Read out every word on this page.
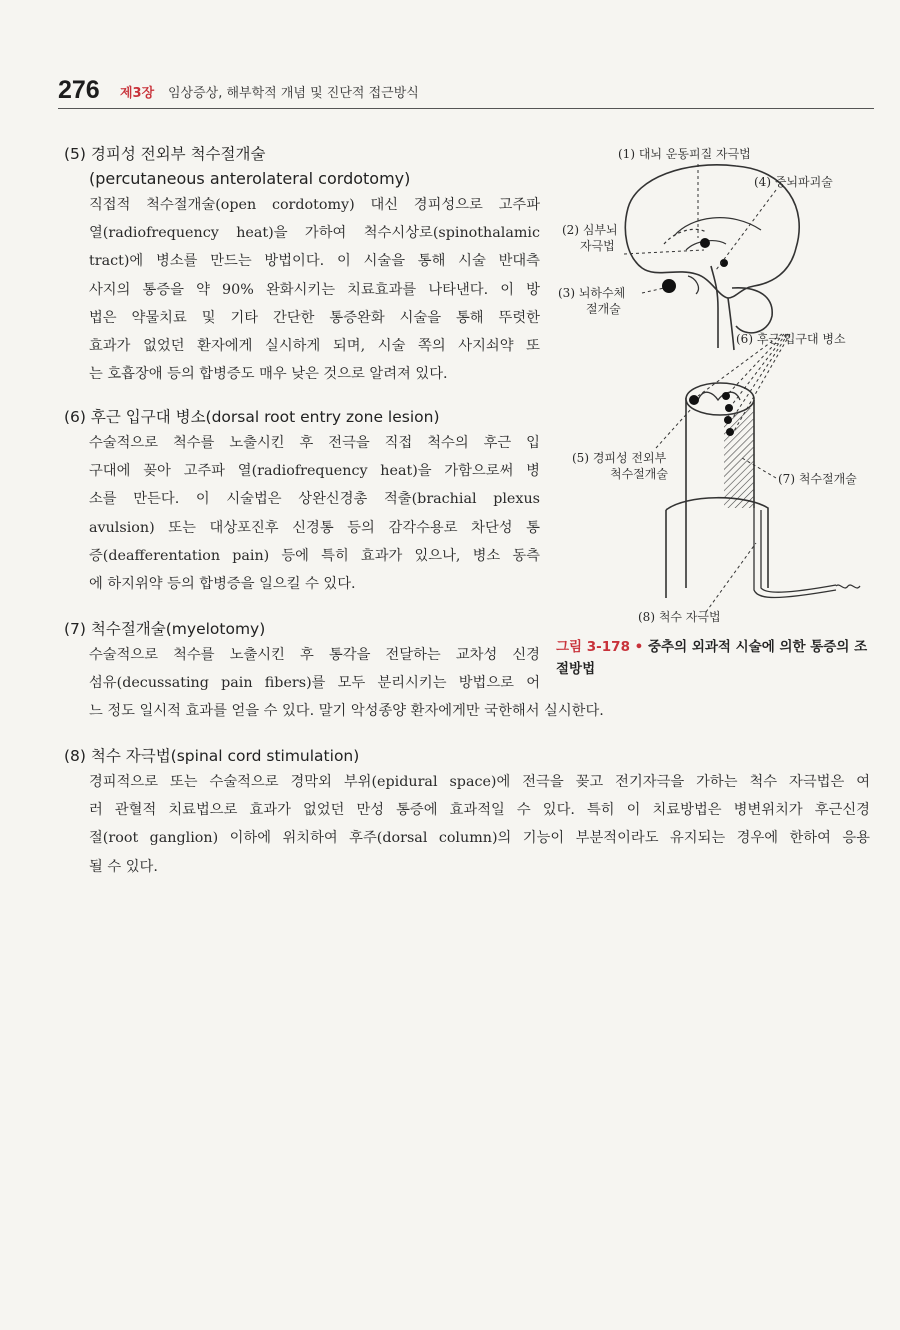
276 제3장 임상증상, 해부학적 개념 및 진단적 접근방식
(5) 경피성 전외부 척수절개술
(percutaneous anterolateral cordotomy)
직접적 척수절개술(open cordotomy) 대신 경피성으로 고주파
열(radiofrequency heat)을 가하여 척수시상로(spinothalamic
tract)에 병소를 만드는 방법이다. 이 시술을 통해 시술 반대측
사지의 통증을 약 90% 완화시키는 치료효과를 나타낸다. 이 방
법은 약물치료 및 기타 간단한 통증완화 시술을 통해 뚜렷한
효과가 없었던 환자에게 실시하게 되며, 시술 쪽의 사지쇠약 또
는 호흡장애 등의 합병증도 매우 낮은 것으로 알려져 있다.
(6) 후근 입구대 병소(dorsal root entry zone lesion)
수술적으로 척수를 노출시킨 후 전극을 직접 척수의 후근 입
구대에 꽂아 고주파 열(radiofrequency heat)을 가함으로써 병
소를 만든다. 이 시술법은 상완신경총 적출(brachial plexus
avulsion) 또는 대상포진후 신경통 등의 감각수용로 차단성 통
증(deafferentation pain) 등에 특히 효과가 있으나, 병소 동측
에 하지위약 등의 합병증을 일으킬 수 있다.
(7) 척수절개술(myelotomy)
수술적으로 척수를 노출시킨 후 통각을 전달하는 교차성 신경
섬유(decussating pain fibers)를 모두 분리시키는 방법으로 어
느 정도 일시적 효과를 얻을 수 있다. 말기 악성종양 환자에게만 국한해서 실시한다.
(8) 척수 자극법(spinal cord stimulation)
경피적으로 또는 수술적으로 경막외 부위(epidural space)에 전극을 꽂고 전기자극을 가하는 척수 자극법은 여
러 관혈적 치료법으로 효과가 없었던 만성 통증에 효과적일 수 있다. 특히 이 치료방법은 병변위치가 후근신경
절(root ganglion) 이하에 위치하여 후주(dorsal column)의 기능이 부분적이라도 유지되는 경우에 한하여 응용
될 수 있다.
(1) 대뇌 운동피질 자극법
(4) 중뇌파괴술
(2) 심부뇌
자극법
(3) 뇌하수체
절개술
(6) 후근 입구대 병소
(5) 경피성 전외부
척수절개술	(7) 척수절개술
(8) 척수 자극법
그림 3-178 • 중추의 외과적 시술에 의한 통증의 조절방법
